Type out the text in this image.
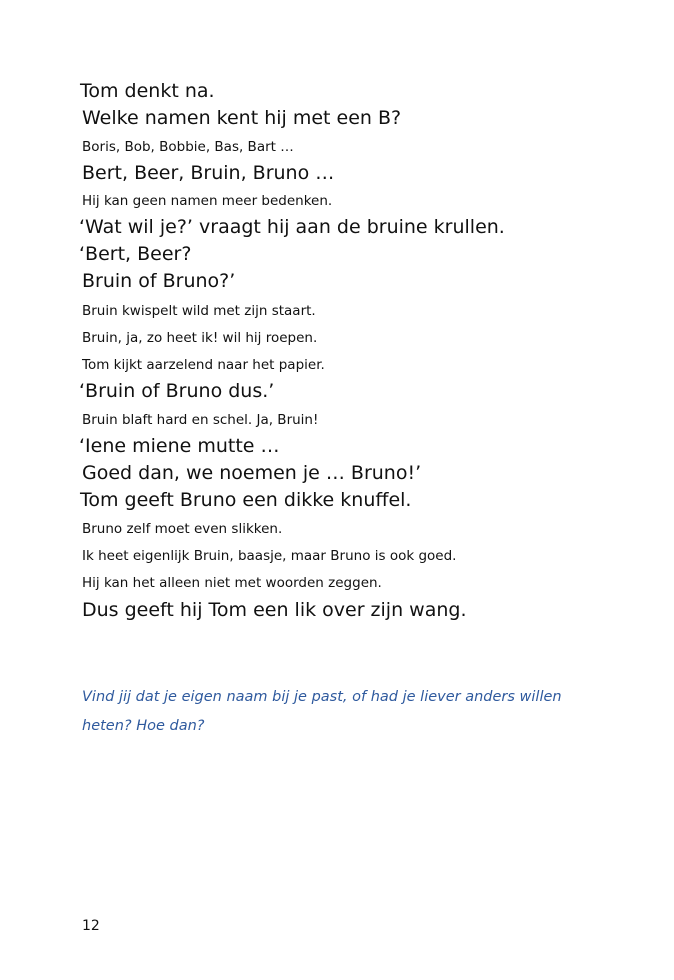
Tom denkt na.
Welke namen kent hij met een B?
Boris, Bob, Bobbie, Bas, Bart …
Bert, Beer, Bruin, Bruno …
Hij kan geen namen meer bedenken.
‘Wat wil je?’ vraagt hij aan de bruine krullen.
‘Bert, Beer?
Bruin of Bruno?’
Bruin kwispelt wild met zijn staart.
Bruin, ja, zo heet ik! wil hij roepen.
Tom kijkt aarzelend naar het papier.
‘Bruin of Bruno dus.’
Bruin blaft hard en schel. Ja, Bruin!
‘Iene miene mutte …
Goed dan, we noemen je … Bruno!’
Tom geeft Bruno een dikke knuffel.
Bruno zelf moet even slikken.
Ik heet eigenlijk Bruin, baasje, maar Bruno is ook goed.
Hij kan het alleen niet met woorden zeggen.
Dus geeft hij Tom een lik over zijn wang.
Vind jij dat je eigen naam bij je past, of had je liever anders willen
heten? Hoe dan?
12
